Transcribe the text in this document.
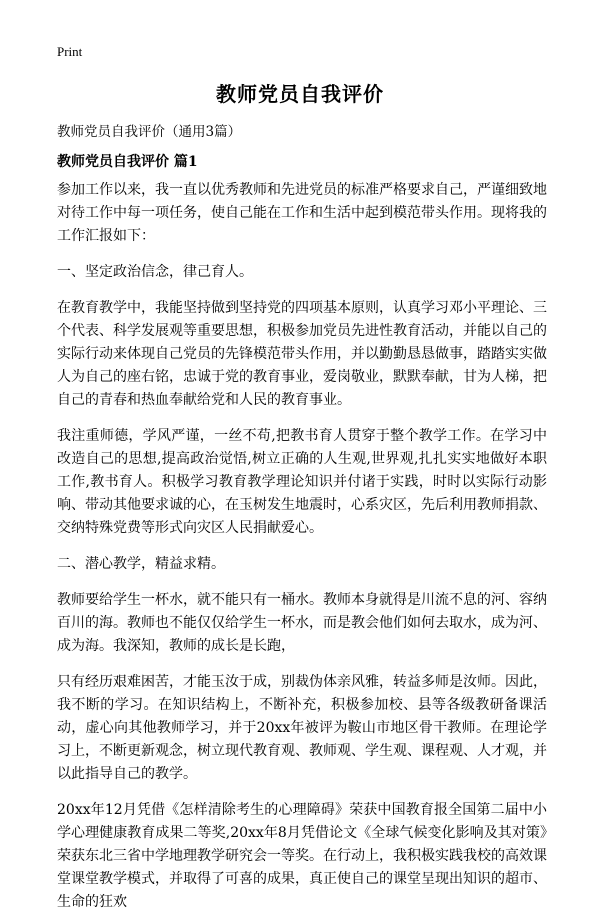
Print
教师党员自我评价

教师党员自我评价（通用3篇）

教师党员自我评价 篇1

参加工作以来，我一直以优秀教师和先进党员的标准严格要求自己，严谨细致地对待工作中每一项任务，使自己能在工作和生活中起到模范带头作用。现将我的工作汇报如下：

一、坚定政治信念，律己育人。

在教育教学中，我能坚持做到坚持党的四项基本原则，认真学习邓小平理论、三个代表、科学发展观等重要思想，积极参加党员先进性教育活动，并能以自己的实际行动来体现自己党员的先锋模范带头作用，并以勤勤恳恳做事，踏踏实实做人为自己的座右铭，忠诚于党的教育事业，爱岗敬业，默默奉献，甘为人梯，把自己的青春和热血奉献给党和人民的教育事业。

我注重师德，学风严谨，一丝不苟,把教书育人贯穿于整个教学工作。在学习中改造自己的思想,提高政治觉悟,树立正确的人生观,世界观,扎扎实实地做好本职工作,教书育人。积极学习教育教学理论知识并付诸于实践，时时以实际行动影响、带动其他要求诚的心，在玉树发生地震时，心系灾区，先后利用教师捐款、交纳特殊党费等形式向灾区人民捐献爱心。

二、潜心教学，精益求精。

教师要给学生一杯水，就不能只有一桶水。教师本身就得是川流不息的河、容纳百川的海。教师也不能仅仅给学生一杯水，而是教会他们如何去取水，成为河、成为海。我深知，教师的成长是长跑，

只有经历艰难困苦，才能玉汝于成，别裁伪体亲风雅，转益多师是汝师。因此，我不断的学习。在知识结构上，不断补充，积极参加校、县等各级教研备课活动，虚心向其他教师学习，并于20xx年被评为鞍山市地区骨干教师。在理论学习上，不断更新观念，树立现代教育观、教师观、学生观、课程观、人才观，并以此指导自己的教学。

20xx年12月凭借《怎样清除考生的心理障碍》荣获中国教育报全国第二届中小学心理健康教育成果二等奖,20xx年8月凭借论文《全球气候变化影响及其对策》荣获东北三省中学地理教学研究会一等奖。在行动上，我积极实践我校的高效课堂课堂教学模式，并取得了可喜的成果，真正使自己的课堂呈现出知识的超市、生命的狂欢
